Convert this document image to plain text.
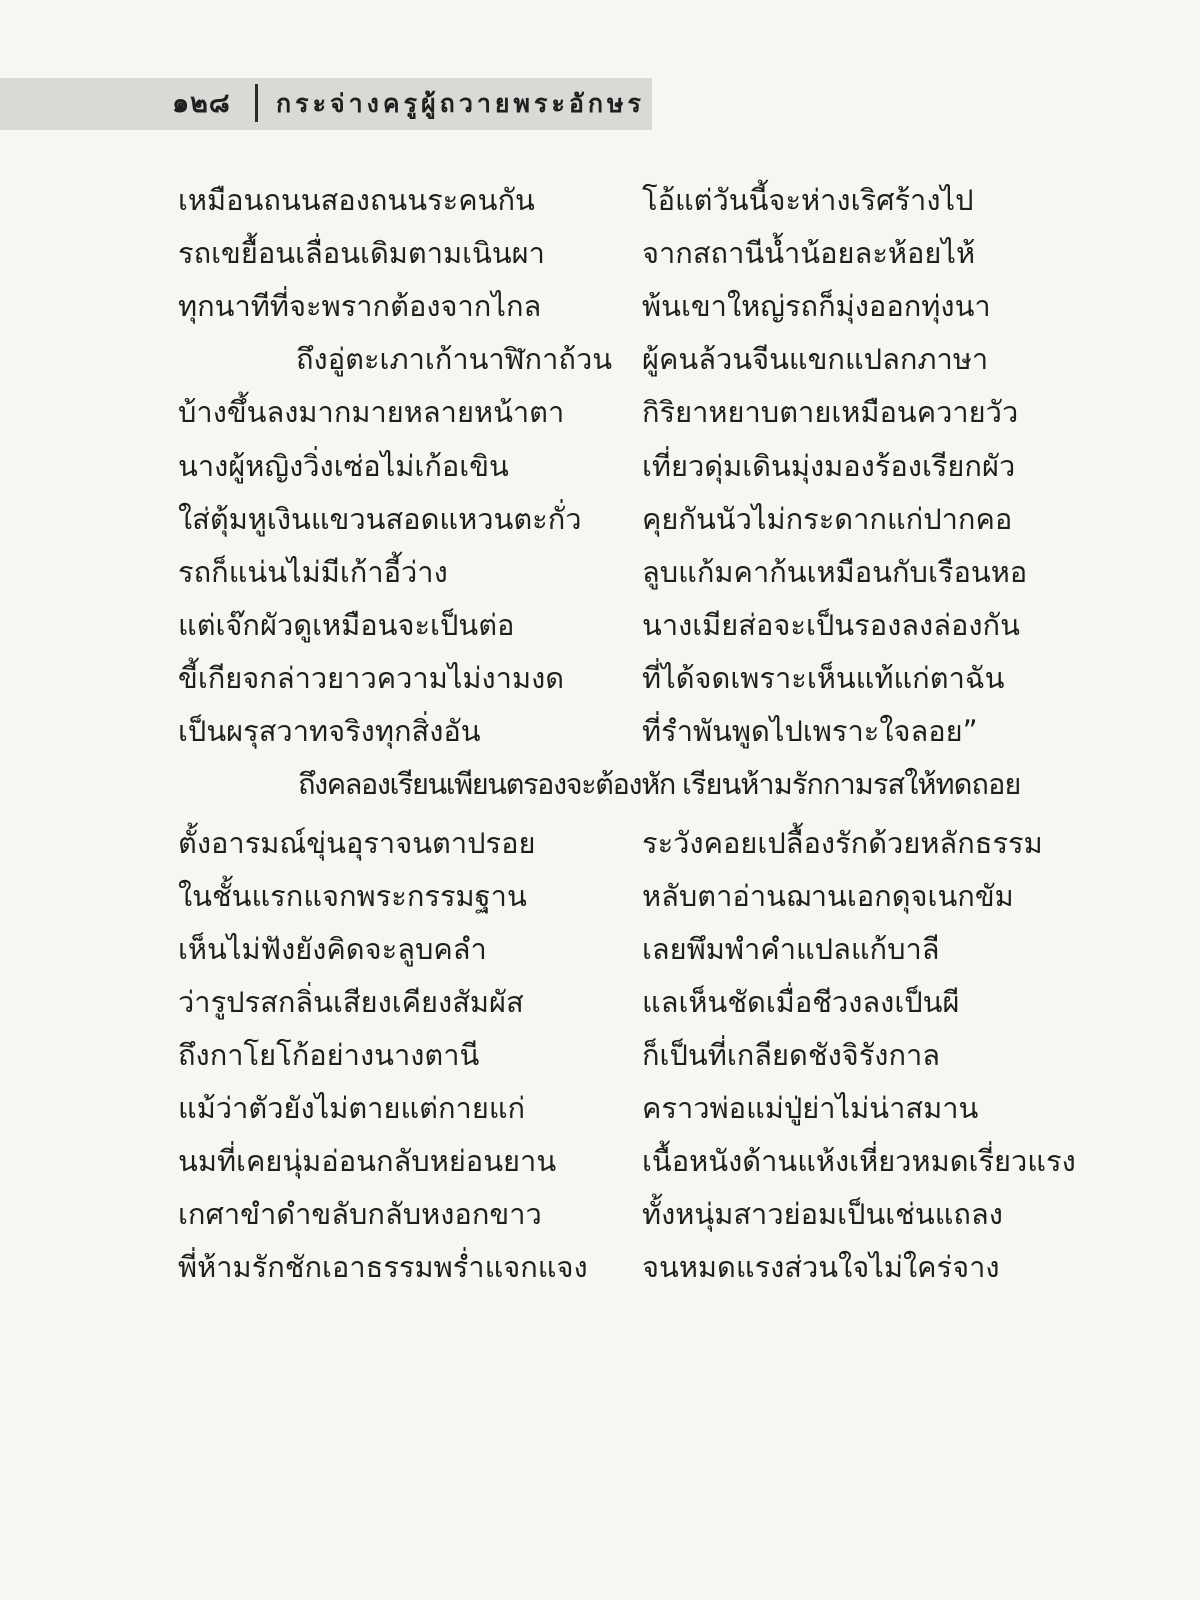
๑๒๘ กระจ่างครูผู้ถวายพระอักษร
เหมือนถนนสองถนนระคนกัน	โอ้แต่วันนี้จะห่างเริศร้างไป
รถเขยื้อนเลื่อนเดิมตามเนินผา	จากสถานีน้ำน้อยละห้อยไห้
ทุกนาทีที่จะพรากต้องจากไกล	พ้นเขาใหญ่รถก็มุ่งออกทุ่งนา
ถึงอู่ตะเภาเก้านาฬิกาถ้วน ผู้คนล้วนจีนแขกแปลกภาษา
บ้างขึ้นลงมากมายหลายหน้าตา	กิริยาหยาบตายเหมือนควายวัว
นางผู้หญิงวิ่งเซ่อไม่เก้อเขิน	เที่ยวดุ่มเดินมุ่งมองร้องเรียกผัว
ใส่ตุ้มหูเงินแขวนสอดแหวนตะกั่ว คุยกันนัวไม่กระดากแก่ปากคอ
รถก็แน่นไม่มีเก้าอี้ว่าง	ลูบแก้มคาก้นเหมือนกับเรือนหอ
แต่เจ๊กผัวดูเหมือนจะเป็นต่อ	นางเมียส่อจะเป็นรองลงล่องกัน
ขี้เกียจกล่าวยาวความไม่งามงด	ที่ได้จดเพราะเห็นแท้แก่ตาฉัน
เป็นผรุสวาทจริงทุกสิ่งอัน	ที่รำพันพูดไปเพราะใจลอย”
ถึงคลองเรียนเพียนตรองจะต้องหัก เรียนห้ามรักกามรสให้ทดถอย
ตั้งอารมณ์ขุ่นอุราจนตาปรอย	ระวังคอยเปลื้องรักด้วยหลักธรรม
ในชั้นแรกแจกพระกรรมฐาน	หลับตาอ่านฌานเอกดุจเนกขัม
เห็นไม่ฟังยังคิดจะลูบคลำ	เลยพึมพำคำแปลแก้บาลี
ว่ารูปรสกลิ่นเสียงเคียงสัมผัส	แลเห็นชัดเมื่อชีวงลงเป็นผี
ถึงกาโยโก้อย่างนางตานี	ก็เป็นที่เกลียดชังจิรังกาล
แม้ว่าตัวยังไม่ตายแต่กายแก่	คราวพ่อแม่ปู่ย่าไม่น่าสมาน
นมที่เคยนุ่มอ่อนกลับหย่อนยาน	เนื้อหนังด้านแห้งเหี่ยวหมดเรี่ยวแรง
เกศาขำดำขลับกลับหงอกขาว	ทั้งหนุ่มสาวย่อมเป็นเช่นแถลง
พี่ห้ามรักชักเอาธรรมพร่ำแจกแจง จนหมดแรงส่วนใจไม่ใคร่จาง
